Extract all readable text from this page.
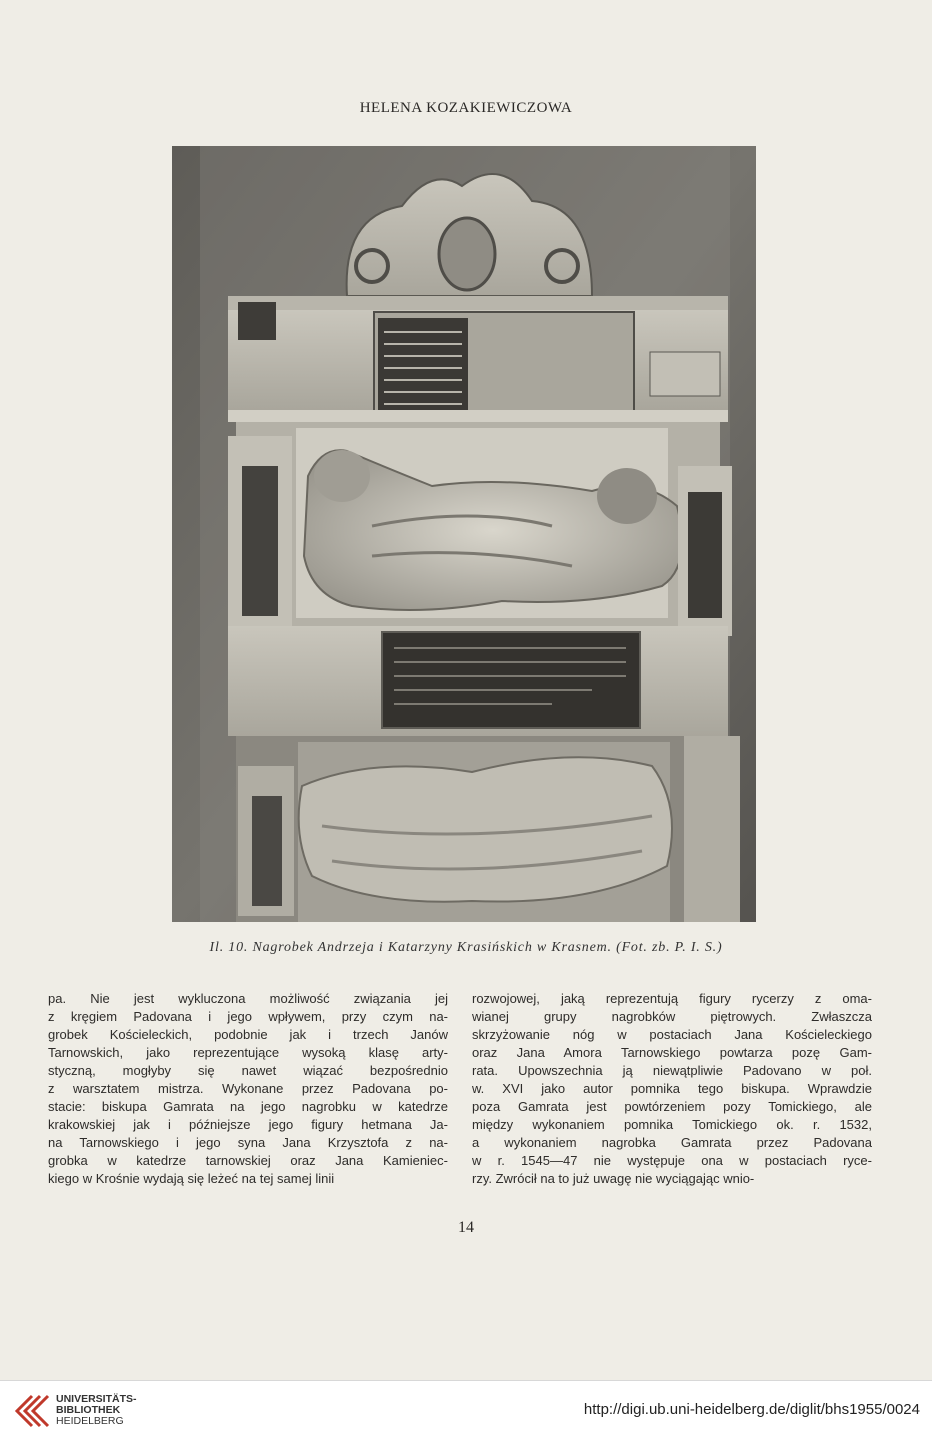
HELENA KOZAKIEWICZOWA
Il. 10. Nagrobek Andrzeja i Katarzyny Krasińskich w Krasnem. (Fot. zb. P. I. S.)

pa. Nie jest wykluczona możliwość związania jej

z kręgiem Padovana i jego wpływem, przy czym na-

grobek Kościeleckich, podobnie jak i trzech Janów

Tarnowskich, jako reprezentujące wysoką klasę arty-

styczną, mogłyby się nawet wiązać bezpośrednio

z warsztatem mistrza. Wykonane przez Padovana po-

stacie: biskupa Gamrata na jego nagrobku w katedrze

krakowskiej jak i późniejsze jego figury hetmana Ja-

na Tarnowskiego i jego syna Jana Krzysztofa z na-

grobka w katedrze tarnowskiej oraz Jana Kamieniec-

kiego w Krośnie wydają się leżeć na tej samej linii

rozwojowej, jaką reprezentują figury rycerzy z oma-

wianej grupy nagrobków piętrowych. Zwłaszcza

skrzyżowanie nóg w postaciach Jana Kościeleckiego

oraz Jana Amora Tarnowskiego powtarza pozę Gam-

rata. Upowszechnia ją niewątpliwie Padovano w poł.

w. XVI jako autor pomnika tego biskupa. Wprawdzie

poza Gamrata jest powtórzeniem pozy Tomickiego, ale

między wykonaniem pomnika Tomickiego ok. r. 1532,

a wykonaniem nagrobka Gamrata przez Padovana

w r. 1545—47 nie występuje ona w postaciach ryce-

rzy. Zwrócił na to już uwagę nie wyciągając wnio-

14
UNIVERSITÄTS-
BIBLIOTHEK
HEIDELBERG
http://digi.ub.uni-heidelberg.de/diglit/bhs1955/0024
